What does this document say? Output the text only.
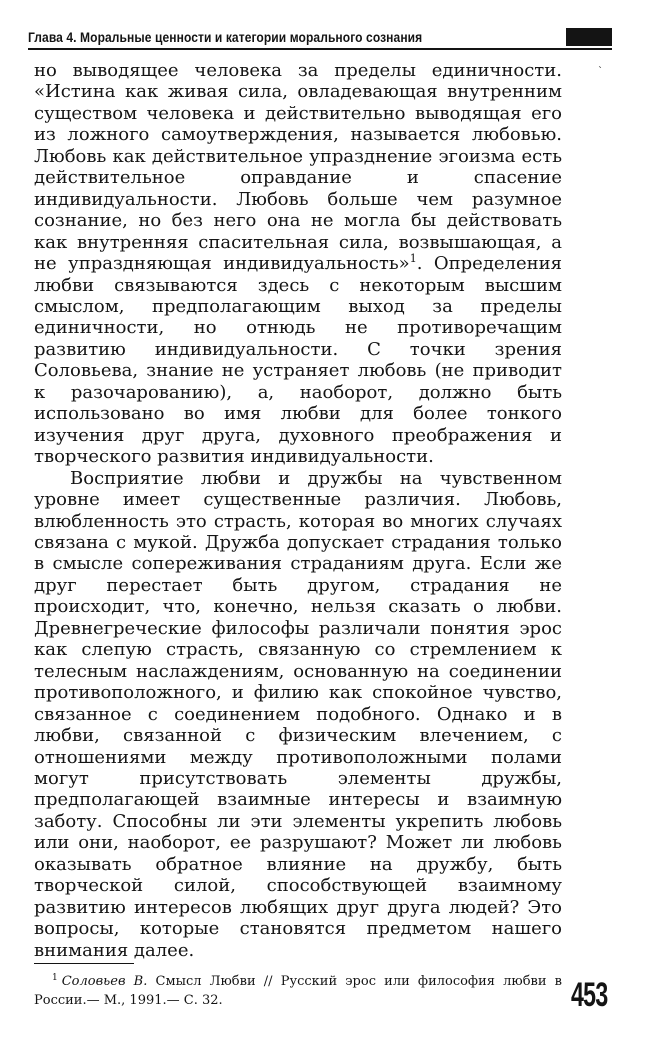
Глава 4. Моральные ценности и категории морального сознания
ˋ

но выводящее человека за пределы единичности. «Истина как живая сила, овладевающая внутренним существом человека и действительно выводящая его из ложного самоутверждения, называется любовью. Любовь как действительное упразднение эгоизма есть действительное оправдание и спасение индивидуальности. Любовь больше чем разумное сознание, но без него она не могла бы действовать как внутренняя спасительная сила, возвышающая, а не упраздняющая индивидуальность»$^1$. Определения любви связываются здесь с некоторым высшим смыслом, предполагающим выход за пределы единичности, но отнюдь не противоречащим развитию индивидуальности. С точки зрения Соловьева, знание не устраняет любовь (не приводит к разочарованию), а, наоборот, должно быть использовано во имя любви для более тонкого изучения друг друга, духовного преображения и творческого развития индивидуальности.

Восприятие любви и дружбы на чувственном уровне имеет существенные различия. Любовь, влюбленность это страсть, которая во многих случаях связана с мукой. Дружба допускает страдания только в смысле сопереживания страданиям друга. Если же друг перестает быть другом, страдания не происходит, что, конечно, нельзя сказать о любви. Древнегреческие философы различали понятия эрос как слепую страсть, связанную со стремлением к телесным наслаждениям, основанную на соединении противоположного, и филию как спокойное чувство, связанное с соединением подобного. Однако и в любви, связанной с физическим влечением, с отношениями между противоположными полами могут присутствовать элементы дружбы, предполагающей взаимные интересы и взаимную заботу. Способны ли эти элементы укрепить любовь или они, наоборот, ее разрушают? Может ли любовь оказывать обратное влияние на дружбу, быть творческой силой, способствующей взаимному развитию интересов любящих друг друга людей? Это вопросы, которые становятся предметом нашего внимания далее.

$^1$ Соловьев В. Смысл Любви // Русский эрос или философия любви в России.— М., 1991.— С. 32.	453
